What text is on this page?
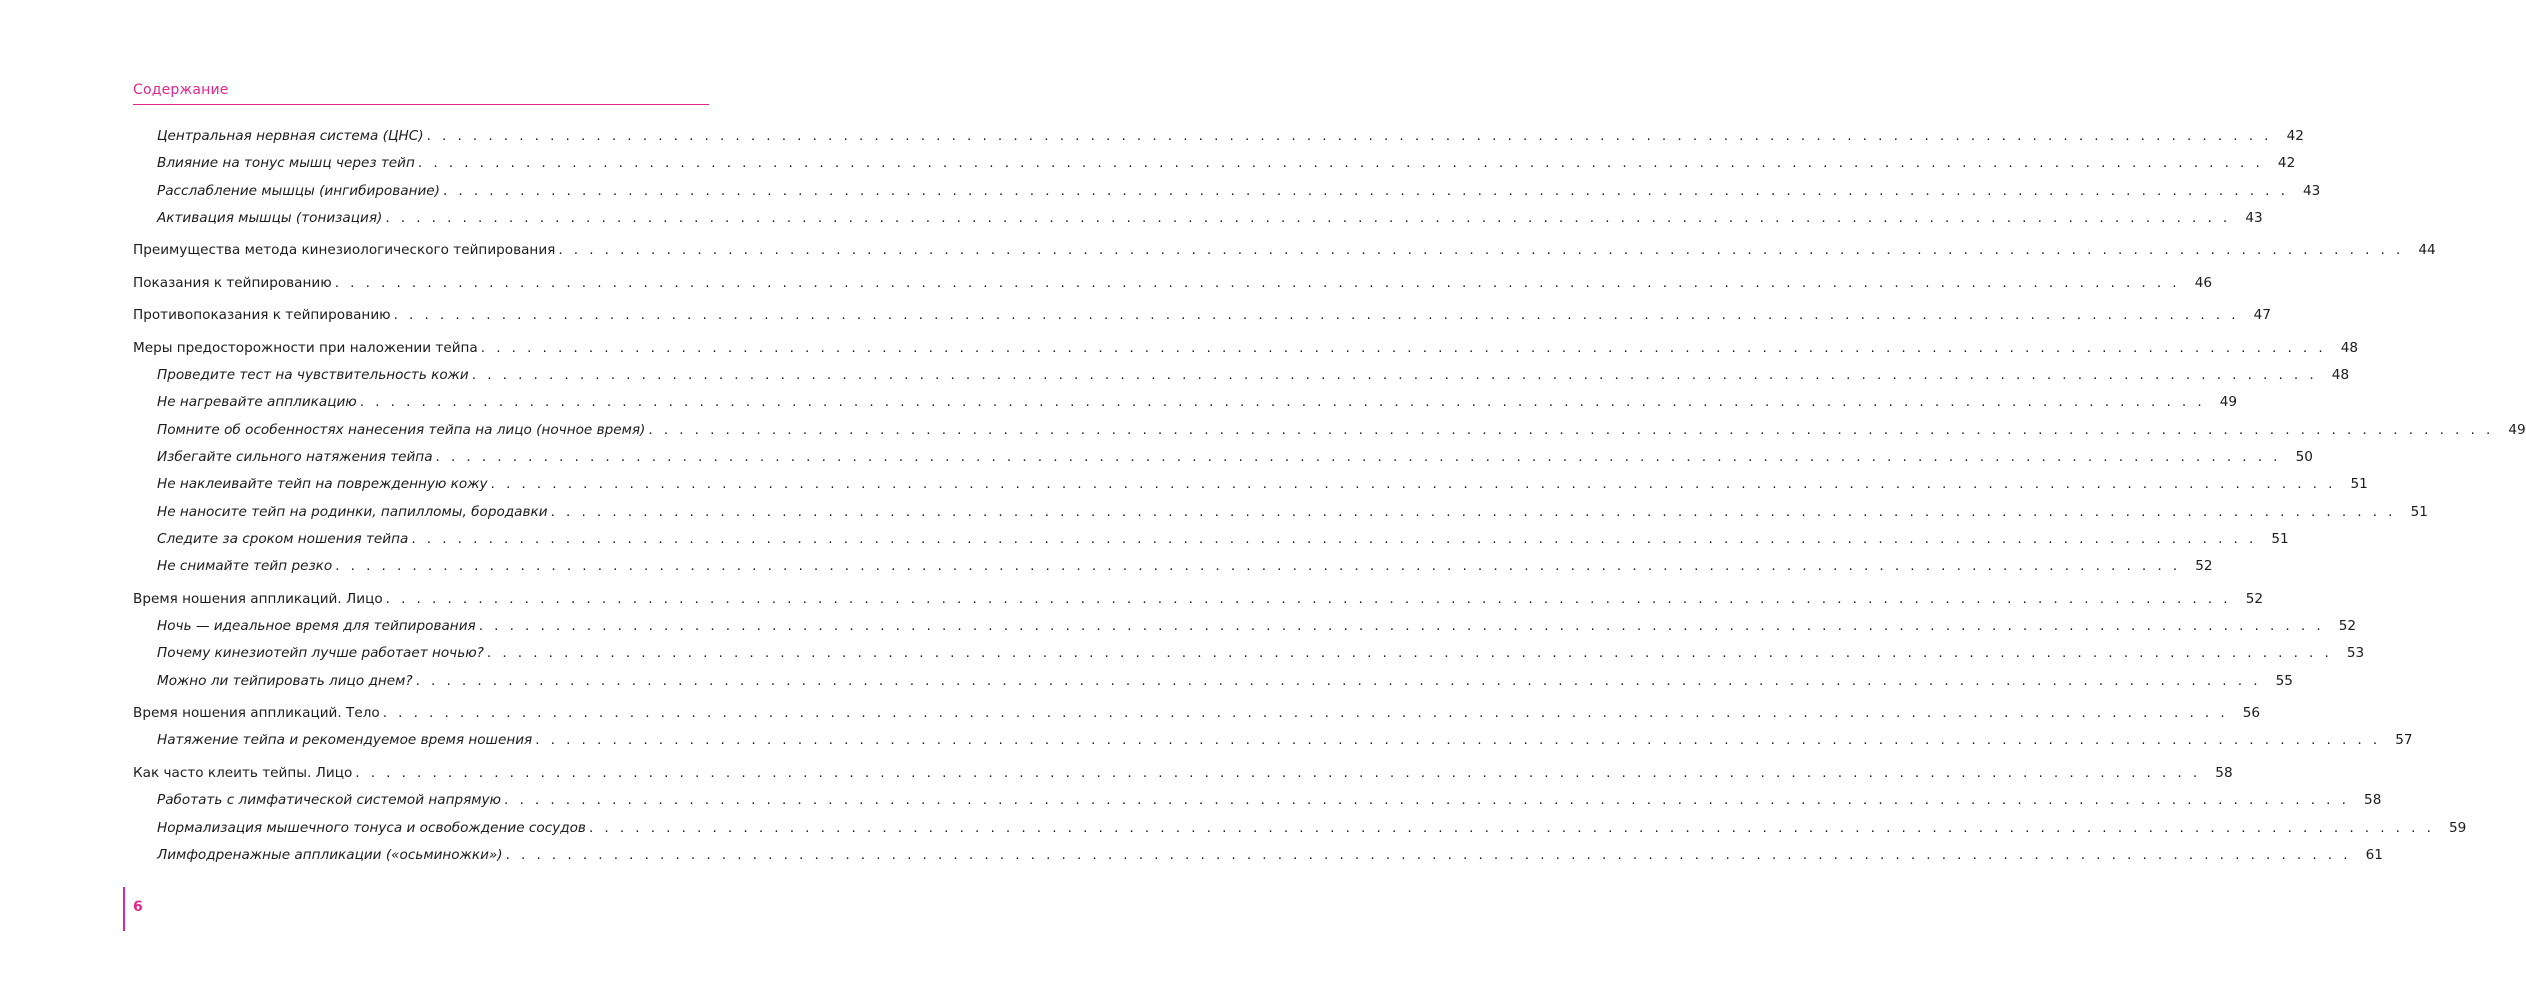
Содержание
Центральная нервная система (ЦНС) . . . . . . . . . . . . . . . . . . . . . . . . . . . . . . . . . . . . . . . . . . . . . . . . . . . . . . . . . . . . . . . . . . . . . . . . . . . . . . . . . . . . . . . . . . . . . . . . . . . . . . . . . . . . . . . . . . . . . . . .	42
Влияние на тонус мышц через тейп . . . . . . . . . . . . . . . . . . . . . . . . . . . . . . . . . . . . . . . . . . . . . . . . . . . . . . . . . . . . . . . . . . . . . . . . . . . . . . . . . . . . . . . . . . . . . . . . . . . . . . . . . . . . . . . . . . . . . . . .	42
Расслабление мышцы (ингибирование) . . . . . . . . . . . . . . . . . . . . . . . . . . . . . . . . . . . . . . . . . . . . . . . . . . . . . . . . . . . . . . . . . . . . . . . . . . . . . . . . . . . . . . . . . . . . . . . . . . . . . . . . . . . . . . . . . . . . . . . .	43
Активация мышцы (тонизация) . . . . . . . . . . . . . . . . . . . . . . . . . . . . . . . . . . . . . . . . . . . . . . . . . . . . . . . . . . . . . . . . . . . . . . . . . . . . . . . . . . . . . . . . . . . . . . . . . . . . . . . . . . . . . . . . . . . . . . . .	43
Преимущества метода кинезиологического тейпирования . . . . . . . . . . . . . . . . . . . . . . . . . . . . . . . . . . . . . . . . . . . . . . . . . . . . . . . . . . . . . . . . . . . . . . . . . . . . . . . . . . . . . . . . . . . . . . . . . . . . . . . . . . . . . . . . . . . . . . . .	44
Показания к тейпированию . . . . . . . . . . . . . . . . . . . . . . . . . . . . . . . . . . . . . . . . . . . . . . . . . . . . . . . . . . . . . . . . . . . . . . . . . . . . . . . . . . . . . . . . . . . . . . . . . . . . . . . . . . . . . . . . . . . . . . . .	46
Противопоказания к тейпированию . . . . . . . . . . . . . . . . . . . . . . . . . . . . . . . . . . . . . . . . . . . . . . . . . . . . . . . . . . . . . . . . . . . . . . . . . . . . . . . . . . . . . . . . . . . . . . . . . . . . . . . . . . . . . . . . . . . . . . . .	47
Меры предосторожности при наложении тейпа . . . . . . . . . . . . . . . . . . . . . . . . . . . . . . . . . . . . . . . . . . . . . . . . . . . . . . . . . . . . . . . . . . . . . . . . . . . . . . . . . . . . . . . . . . . . . . . . . . . . . . . . . . . . . . . . . . . . . . . .	48
Проведите тест на чувствительность кожи . . . . . . . . . . . . . . . . . . . . . . . . . . . . . . . . . . . . . . . . . . . . . . . . . . . . . . . . . . . . . . . . . . . . . . . . . . . . . . . . . . . . . . . . . . . . . . . . . . . . . . . . . . . . . . . . . . . . . . . .	48
Не нагревайте аппликацию . . . . . . . . . . . . . . . . . . . . . . . . . . . . . . . . . . . . . . . . . . . . . . . . . . . . . . . . . . . . . . . . . . . . . . . . . . . . . . . . . . . . . . . . . . . . . . . . . . . . . . . . . . . . . . . . . . . . . . . .	49
Помните об особенностях нанесения тейпа на лицо (ночное время) . . . . . . . . . . . . . . . . . . . . . . . . . . . . . . . . . . . . . . . . . . . . . . . . . . . . . . . . . . . . . . . . . . . . . . . . . . . . . . . . . . . . . . . . . . . . . . . . . . . . . . . . . . . . . . . . . . . . . . . .	49
Избегайте сильного натяжения тейпа . . . . . . . . . . . . . . . . . . . . . . . . . . . . . . . . . . . . . . . . . . . . . . . . . . . . . . . . . . . . . . . . . . . . . . . . . . . . . . . . . . . . . . . . . . . . . . . . . . . . . . . . . . . . . . . . . . . . . . . .	50
Не наклеивайте тейп на поврежденную кожу . . . . . . . . . . . . . . . . . . . . . . . . . . . . . . . . . . . . . . . . . . . . . . . . . . . . . . . . . . . . . . . . . . . . . . . . . . . . . . . . . . . . . . . . . . . . . . . . . . . . . . . . . . . . . . . . . . . . . . . .	51
Не наносите тейп на родинки, папилломы, бородавки . . . . . . . . . . . . . . . . . . . . . . . . . . . . . . . . . . . . . . . . . . . . . . . . . . . . . . . . . . . . . . . . . . . . . . . . . . . . . . . . . . . . . . . . . . . . . . . . . . . . . . . . . . . . . . . . . . . . . . . .	51
Следите за сроком ношения тейпа . . . . . . . . . . . . . . . . . . . . . . . . . . . . . . . . . . . . . . . . . . . . . . . . . . . . . . . . . . . . . . . . . . . . . . . . . . . . . . . . . . . . . . . . . . . . . . . . . . . . . . . . . . . . . . . . . . . . . . . .	51
Не снимайте тейп резко . . . . . . . . . . . . . . . . . . . . . . . . . . . . . . . . . . . . . . . . . . . . . . . . . . . . . . . . . . . . . . . . . . . . . . . . . . . . . . . . . . . . . . . . . . . . . . . . . . . . . . . . . . . . . . . . . . . . . . . .	52
Время ношения аппликаций. Лицо . . . . . . . . . . . . . . . . . . . . . . . . . . . . . . . . . . . . . . . . . . . . . . . . . . . . . . . . . . . . . . . . . . . . . . . . . . . . . . . . . . . . . . . . . . . . . . . . . . . . . . . . . . . . . . . . . . . . . . . .	52
Ночь — идеальное время для тейпирования . . . . . . . . . . . . . . . . . . . . . . . . . . . . . . . . . . . . . . . . . . . . . . . . . . . . . . . . . . . . . . . . . . . . . . . . . . . . . . . . . . . . . . . . . . . . . . . . . . . . . . . . . . . . . . . . . . . . . . . .	52
Почему кинезиотейп лучше работает ночью? . . . . . . . . . . . . . . . . . . . . . . . . . . . . . . . . . . . . . . . . . . . . . . . . . . . . . . . . . . . . . . . . . . . . . . . . . . . . . . . . . . . . . . . . . . . . . . . . . . . . . . . . . . . . . . . . . . . . . . . .	53
Можно ли тейпировать лицо днем? . . . . . . . . . . . . . . . . . . . . . . . . . . . . . . . . . . . . . . . . . . . . . . . . . . . . . . . . . . . . . . . . . . . . . . . . . . . . . . . . . . . . . . . . . . . . . . . . . . . . . . . . . . . . . . . . . . . . . . . .	55
Время ношения аппликаций. Тело . . . . . . . . . . . . . . . . . . . . . . . . . . . . . . . . . . . . . . . . . . . . . . . . . . . . . . . . . . . . . . . . . . . . . . . . . . . . . . . . . . . . . . . . . . . . . . . . . . . . . . . . . . . . . . . . . . . . . . . .	56
Натяжение тейпа и рекомендуемое время ношения . . . . . . . . . . . . . . . . . . . . . . . . . . . . . . . . . . . . . . . . . . . . . . . . . . . . . . . . . . . . . . . . . . . . . . . . . . . . . . . . . . . . . . . . . . . . . . . . . . . . . . . . . . . . . . . . . . . . . . . .	57
Как часто клеить тейпы. Лицо . . . . . . . . . . . . . . . . . . . . . . . . . . . . . . . . . . . . . . . . . . . . . . . . . . . . . . . . . . . . . . . . . . . . . . . . . . . . . . . . . . . . . . . . . . . . . . . . . . . . . . . . . . . . . . . . . . . . . . . .	58
Работать с лимфатической системой напрямую . . . . . . . . . . . . . . . . . . . . . . . . . . . . . . . . . . . . . . . . . . . . . . . . . . . . . . . . . . . . . . . . . . . . . . . . . . . . . . . . . . . . . . . . . . . . . . . . . . . . . . . . . . . . . . . . . . . . . . . .	58
Нормализация мышечного тонуса и освобождение сосудов . . . . . . . . . . . . . . . . . . . . . . . . . . . . . . . . . . . . . . . . . . . . . . . . . . . . . . . . . . . . . . . . . . . . . . . . . . . . . . . . . . . . . . . . . . . . . . . . . . . . . . . . . . . . . . . . . . . . . . . .	59
Лимфодренажные аппликации («осьминожки») . . . . . . . . . . . . . . . . . . . . . . . . . . . . . . . . . . . . . . . . . . . . . . . . . . . . . . . . . . . . . . . . . . . . . . . . . . . . . . . . . . . . . . . . . . . . . . . . . . . . . . . . . . . . . . . . . . . . . . . .	61
6
